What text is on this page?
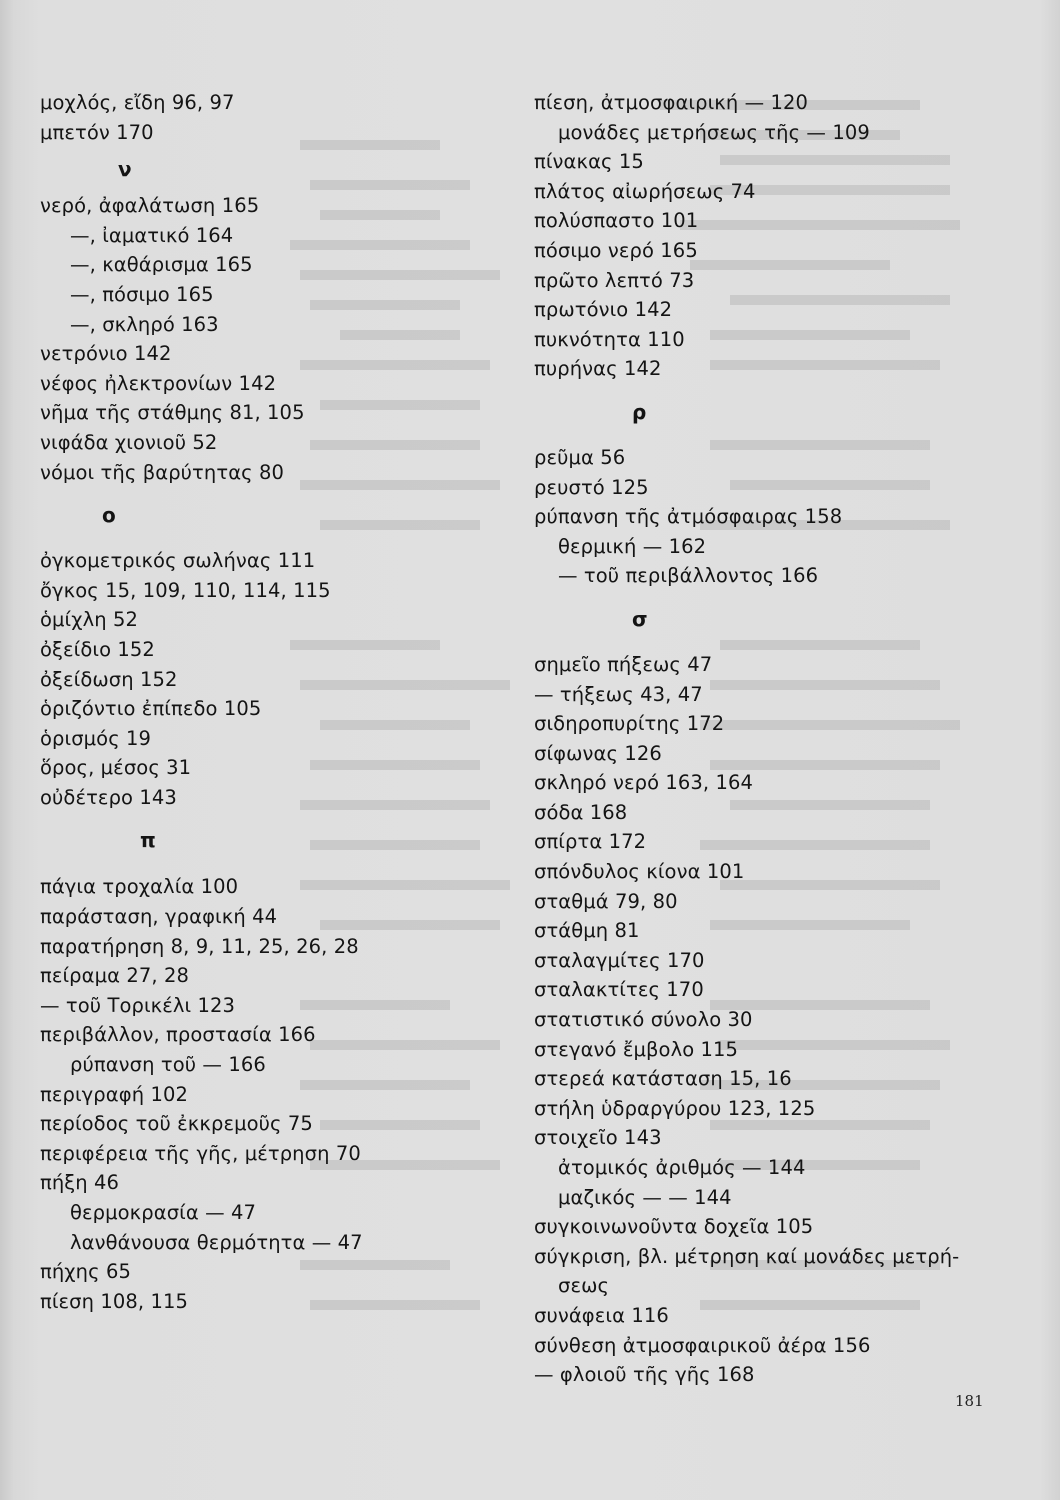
μοχλός, εἴδη 96, 97
μπετόν 170
ν
νερό, ἀφαλάτωση 165
—, ἰαματικό 164
—, καθάρισμα 165
—, πόσιμο 165
—, σκληρό 163
νετρόνιο 142
νέφος ἠλεκτρονίων 142
νῆμα τῆς στάθμης 81, 105
νιφάδα χιονιοῦ 52
νόμοι τῆς βαρύτητας 80
ο
ὀγκομετρικός σωλήνας 111
ὄγκος 15, 109, 110, 114, 115
ὁμίχλη 52
ὀξείδιο 152
ὀξείδωση 152
ὁριζόντιο ἐπίπεδο 105
ὁρισμός 19
ὅρος, μέσος 31
οὐδέτερο 143
π
πάγια τροχαλία 100
παράσταση, γραφική 44
παρατήρηση 8, 9, 11, 25, 26, 28
πείραμα 27, 28
— τοῦ Τορικέλι 123
περιβάλλον, προστασία 166
ρύπανση τοῦ — 166
περιγραφή 102
περίοδος τοῦ ἐκκρεμοῦς 75
περιφέρεια τῆς γῆς, μέτρηση 70
πήξη 46
θερμοκρασία — 47
λανθάνουσα θερμότητα — 47
πήχης 65
πίεση 108, 115
πίεση, ἀτμοσφαιρική — 120
μονάδες μετρήσεως τῆς — 109
πίνακας 15
πλάτος αἰωρήσεως 74
πολύσπαστο 101
πόσιμο νερό 165
πρῶτο λεπτό 73
πρωτόνιο 142
πυκνότητα 110
πυρήνας 142
ρ
ρεῦμα 56
ρευστό 125
ρύπανση τῆς ἀτμόσφαιρας 158
θερμική — 162
— τοῦ περιβάλλοντος 166
σ
σημεῖο πήξεως 47
— τήξεως 43, 47
σιδηροπυρίτης 172
σίφωνας 126
σκληρό νερό 163, 164
σόδα 168
σπίρτα 172
σπόνδυλος κίονα 101
σταθμά 79, 80
στάθμη 81
σταλαγμίτες 170
σταλακτίτες 170
στατιστικό σύνολο 30
στεγανό ἔμβολο 115
στερεά κατάσταση 15, 16
στήλη ὑδραργύρου 123, 125
στοιχεῖο 143
ἀτομικός ἀριθμός — 144
μαζικός — — 144
συγκοινωνοῦντα δοχεῖα 105
σύγκριση, βλ. μέτρηση καί μονάδες μετρή-
σεως
συνάφεια 116
σύνθεση ἀτμοσφαιρικοῦ ἀέρα 156
— φλοιοῦ τῆς γῆς 168
181
